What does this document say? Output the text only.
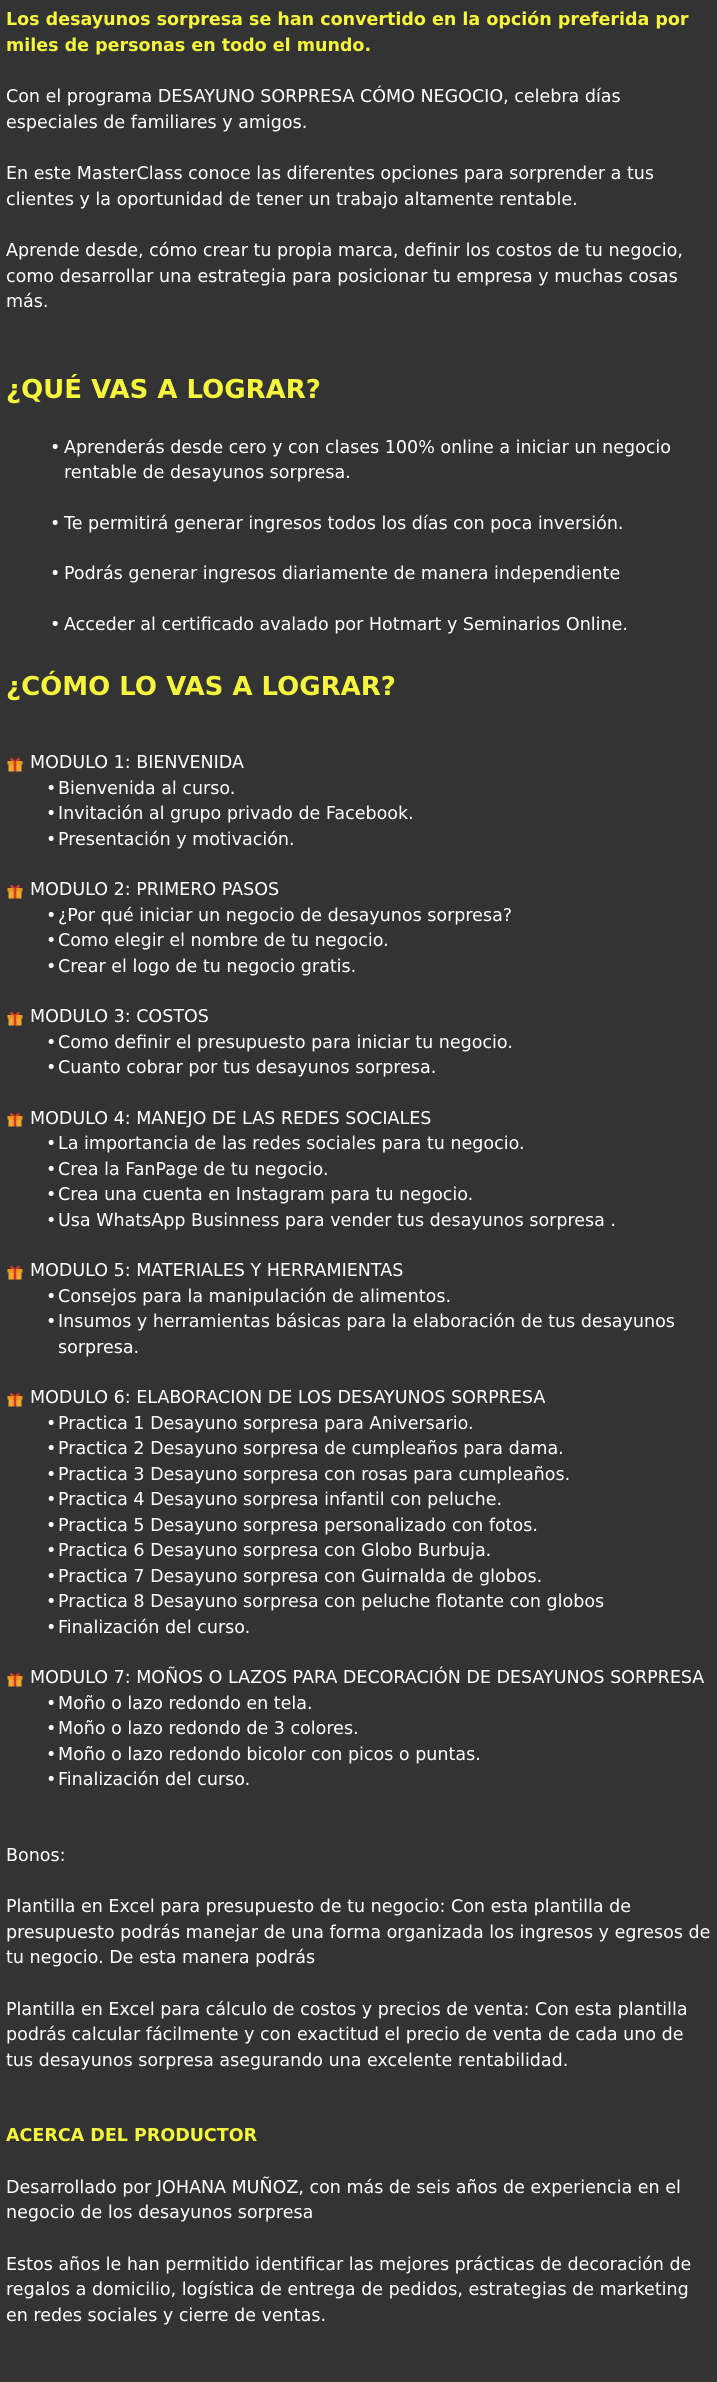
Los desayunos sorpresa se han convertido en la opción preferida por miles de personas en todo el mundo.

Con el programa DESAYUNO SORPRESA CÓMO NEGOCIO, celebra días especiales de familiares y amigos.

En este MasterClass conoce las diferentes opciones para sorprender a tus clientes y la oportunidad de tener un trabajo altamente rentable.

Aprende desde, cómo crear tu propia marca, definir los costos de tu negocio, como desarrollar una estrategia para posicionar tu empresa y muchas cosas más.

¿QUÉ VAS A LOGRAR?
• Aprenderás desde cero y con clases 100% online a iniciar un negocio rentable de desayunos sorpresa.
• Te permitirá generar ingresos todos los días con poca inversión.
• Podrás generar ingresos diariamente de manera independiente
• Acceder al certificado avalado por Hotmart y Seminarios Online.
¿CÓMO LO VAS A LOGRAR?
MODULO 1: BIENVENIDA
• Bienvenida al curso.
• Invitación al grupo privado de Facebook.
• Presentación y motivación.
MODULO 2: PRIMERO PASOS
• ¿Por qué iniciar un negocio de desayunos sorpresa?
• Como elegir el nombre de tu negocio.
• Crear el logo de tu negocio gratis.
MODULO 3: COSTOS
• Como definir el presupuesto para iniciar tu negocio.
• Cuanto cobrar por tus desayunos sorpresa.
MODULO 4: MANEJO DE LAS REDES SOCIALES
• La importancia de las redes sociales para tu negocio.
• Crea la FanPage de tu negocio.
• Crea una cuenta en Instagram para tu negocio.
• Usa WhatsApp Businness para vender tus desayunos sorpresa .
MODULO 5: MATERIALES Y HERRAMIENTAS
• Consejos para la manipulación de alimentos.
• Insumos y herramientas básicas para la elaboración de tus desayunos sorpresa.
MODULO 6: ELABORACION DE LOS DESAYUNOS SORPRESA
• Practica 1 Desayuno sorpresa para Aniversario.
• Practica 2 Desayuno sorpresa de cumpleaños para dama.
• Practica 3 Desayuno sorpresa con rosas para cumpleaños.
• Practica 4 Desayuno sorpresa infantil con peluche.
• Practica 5 Desayuno sorpresa personalizado con fotos.
• Practica 6 Desayuno sorpresa con Globo Burbuja.
• Practica 7 Desayuno sorpresa con Guirnalda de globos.
• Practica 8 Desayuno sorpresa con peluche flotante con globos
• Finalización del curso.
MODULO 7: MOÑOS O LAZOS PARA DECORACIÓN DE DESAYUNOS SORPRESA
• Moño o lazo redondo en tela.
• Moño o lazo redondo de 3 colores.
• Moño o lazo redondo bicolor con picos o puntas.
• Finalización del curso.

Bonos:

Plantilla en Excel para presupuesto de tu negocio: Con esta plantilla de presupuesto podrás manejar de una forma organizada los ingresos y egresos de tu negocio. De esta manera podrás

Plantilla en Excel para cálculo de costos y precios de venta: Con esta plantilla podrás calcular fácilmente y con exactitud el precio de venta de cada uno de tus desayunos sorpresa asegurando una excelente rentabilidad.

ACERCA DEL PRODUCTOR

Desarrollado por JOHANA MUÑOZ, con más de seis años de experiencia en el negocio de los desayunos sorpresa

Estos años le han permitido identificar las mejores prácticas de decoración de regalos a domicilio, logística de entrega de pedidos, estrategias de marketing en redes sociales y cierre de ventas.
